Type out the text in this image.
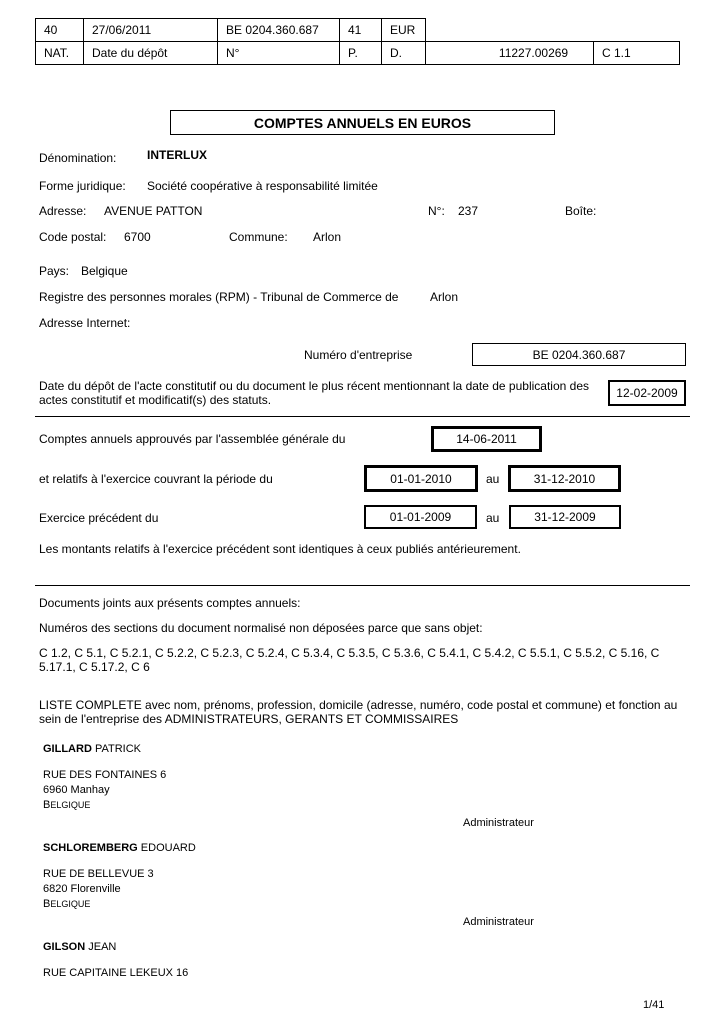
40	27/06/2011	BE 0204.360.687	41	EUR		
NAT.	Date du dépôt	N°	P.	D.	11227.00269	C 1.1
COMPTES ANNUELS EN EUROS
Dénomination:	INTERLUX
Forme juridique: Société coopérative à responsabilité limitée
Adresse: AVENUE PATTON	N°: 237	Boîte:
Code postal: 6700	Commune: Arlon
Pays: Belgique
Registre des personnes morales (RPM) - Tribunal de Commerce de	Arlon
Adresse Internet:
Numéro d'entreprise	BE 0204.360.687
Date du dépôt de l'acte constitutif ou du document le plus récent mentionnant la date de publication des actes constitutif et modificatif(s) des statuts.	12-02-2009
Comptes annuels approuvés par l'assemblée générale du	14-06-2011
et relatifs à l'exercice couvrant la période du	01-01-2010	au	31-12-2010
Exercice précédent du	01-01-2009	au	31-12-2009
Les montants relatifs à l'exercice précédent sont identiques à ceux publiés antérieurement.
Documents joints aux présents comptes annuels:
Numéros des sections du document normalisé non déposées parce que sans objet:
C 1.2, C 5.1, C 5.2.1, C 5.2.2, C 5.2.3, C 5.2.4, C 5.3.4, C 5.3.5, C 5.3.6, C 5.4.1, C 5.4.2, C 5.5.1, C 5.5.2, C 5.16, C 5.17.1, C 5.17.2, C 6
LISTE COMPLETE avec nom, prénoms, profession, domicile (adresse, numéro, code postal et commune) et fonction au sein de l'entreprise des ADMINISTRATEURS, GERANTS ET COMMISSAIRES
GILLARD PATRICK
RUE DES FONTAINES 6
6960 Manhay
BELGIQUE
Administrateur
SCHLOREMBERG EDOUARD
RUE DE BELLEVUE 3
6820 Florenville
BELGIQUE
Administrateur
GILSON JEAN
RUE CAPITAINE LEKEUX 16
1/41
